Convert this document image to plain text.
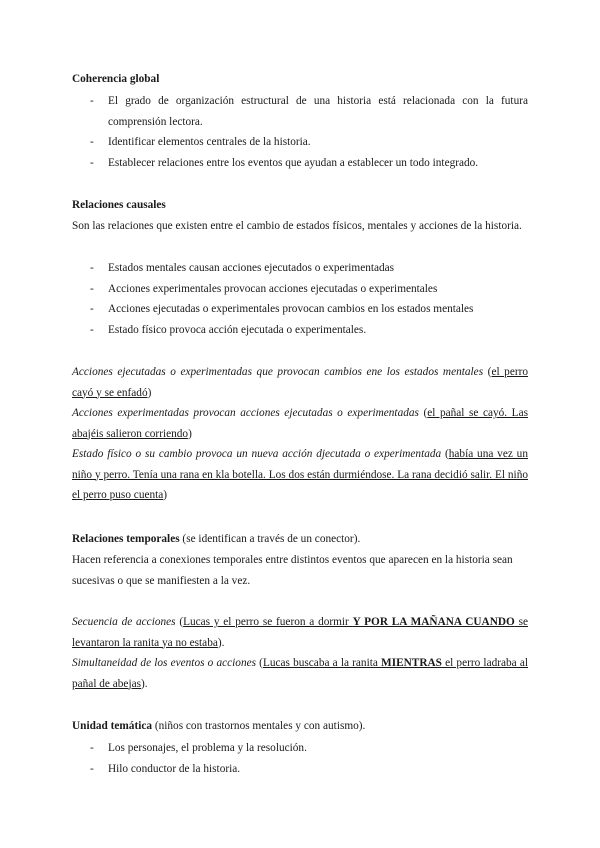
Coherencia global

- El grado de organización estructural de una historia está relacionada con la futura comprensión lectora.
- Identificar elementos centrales de la historia.
- Establecer relaciones entre los eventos que ayudan a establecer un todo integrado.

Relaciones causales

Son las relaciones que existen entre el cambio de estados físicos, mentales y acciones de la historia.

- Estados mentales causan acciones ejecutados o experimentadas
- Acciones experimentales provocan acciones ejecutadas o experimentales
- Acciones ejecutadas o experimentales provocan cambios en los estados mentales
- Estado físico provoca acción ejecutada o experimentales.
Acciones ejecutadas o experimentadas que provocan cambios ene los estados mentales (el perro cayó y se enfadó)
Acciones experimentadas provocan acciones ejecutadas o experimentadas (el pañal se cayó. Las abajéis salieron corriendo)
Estado físico o su cambio provoca un nueva acción djecutada o experimentada (había una vez un niño y perro. Tenía una rana en kla botella. Los dos están durmiéndose. La rana decidió salir. El niño el perro puso cuenta)

Relaciones temporales (se identifican a través de un conector).

Hacen referencia a conexiones temporales entre distintos eventos que aparecen en la historia sean sucesivas o que se manifiesten a la vez.

Secuencia de acciones (Lucas y el perro se fueron a dormir Y POR LA MAÑANA CUANDO se levantaron la ranita ya no estaba).
Simultaneidad de los eventos o acciones (Lucas buscaba a la ranita MIENTRAS el perro ladraba al pañal de abejas).

Unidad temática (niños con trastornos mentales y con autismo).

- Los personajes, el problema y la resolución.
- Hilo conductor de la historia.
